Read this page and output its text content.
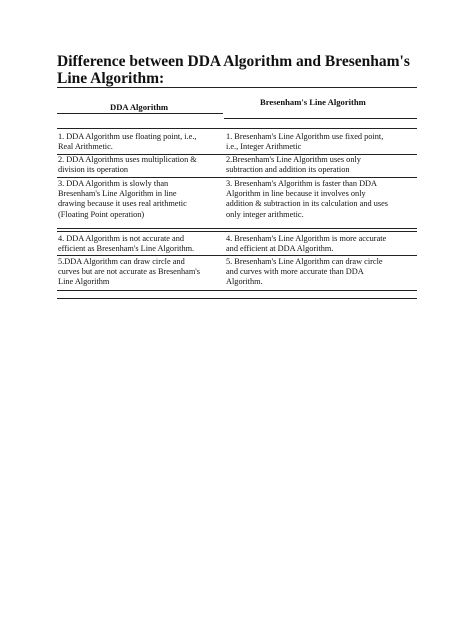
Difference between DDA Algorithm and Bresenham's
Line Algorithm:
DDA Algorithm	Bresenham's Line Algorithm
1. DDA Algorithm use floating point, i.e.,
Real Arithmetic.
1. Bresenham's Line Algorithm use fixed point,
i.e., Integer Arithmetic
2. DDA Algorithms uses multiplication &
division its operation
2.Bresenham's Line Algorithm uses only
subtraction and addition its operation
3. DDA Algorithm is slowly than
Bresenham's Line Algorithm in line
drawing because it uses real arithmetic
(Floating Point operation)
3. Bresenham's Algorithm is faster than DDA
Algorithm in line because it involves only
addition & subtraction in its calculation and uses
only integer arithmetic.
4. DDA Algorithm is not accurate and
efficient as Bresenham's Line Algorithm.
4. Bresenham's Line Algorithm is more accurate
and efficient at DDA Algorithm.
5.DDA Algorithm can draw circle and
curves but are not accurate as Bresenham's
Line Algorithm
5. Bresenham's Line Algorithm can draw circle
and curves with more accurate than DDA
Algorithm.
